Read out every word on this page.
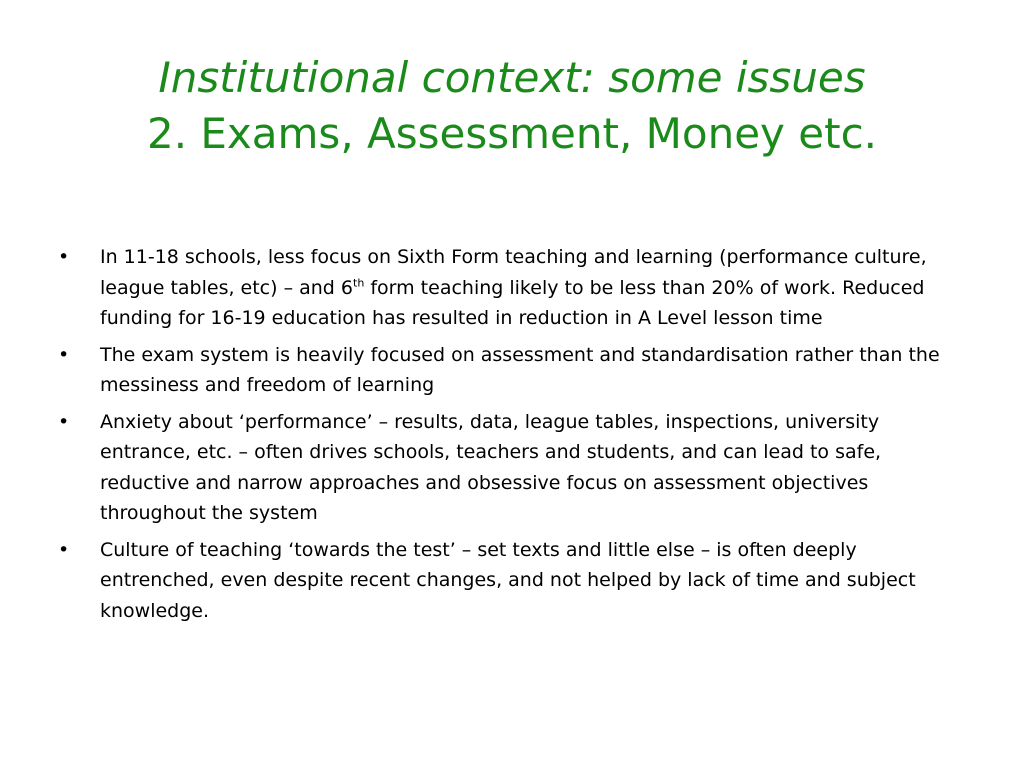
Institutional context: some issues
2. Exams, Assessment, Money etc.
• In 11-18 schools, less focus on Sixth Form teaching and learning (performance culture, league tables, etc) – and 6th form teaching likely to be less than 20% of work. Reduced funding for 16-19 education has resulted in reduction in A Level lesson time
• The exam system is heavily focused on assessment and standardisation rather than the messiness and freedom of learning
• Anxiety about ‘performance’ – results, data, league tables, inspections, university entrance, etc. – often drives schools, teachers and students, and can lead to safe, reductive and narrow approaches and obsessive focus on assessment objectives throughout the system
• Culture of teaching ‘towards the test’ – set texts and little else – is often deeply entrenched, even despite recent changes, and not helped by lack of time and subject knowledge.
